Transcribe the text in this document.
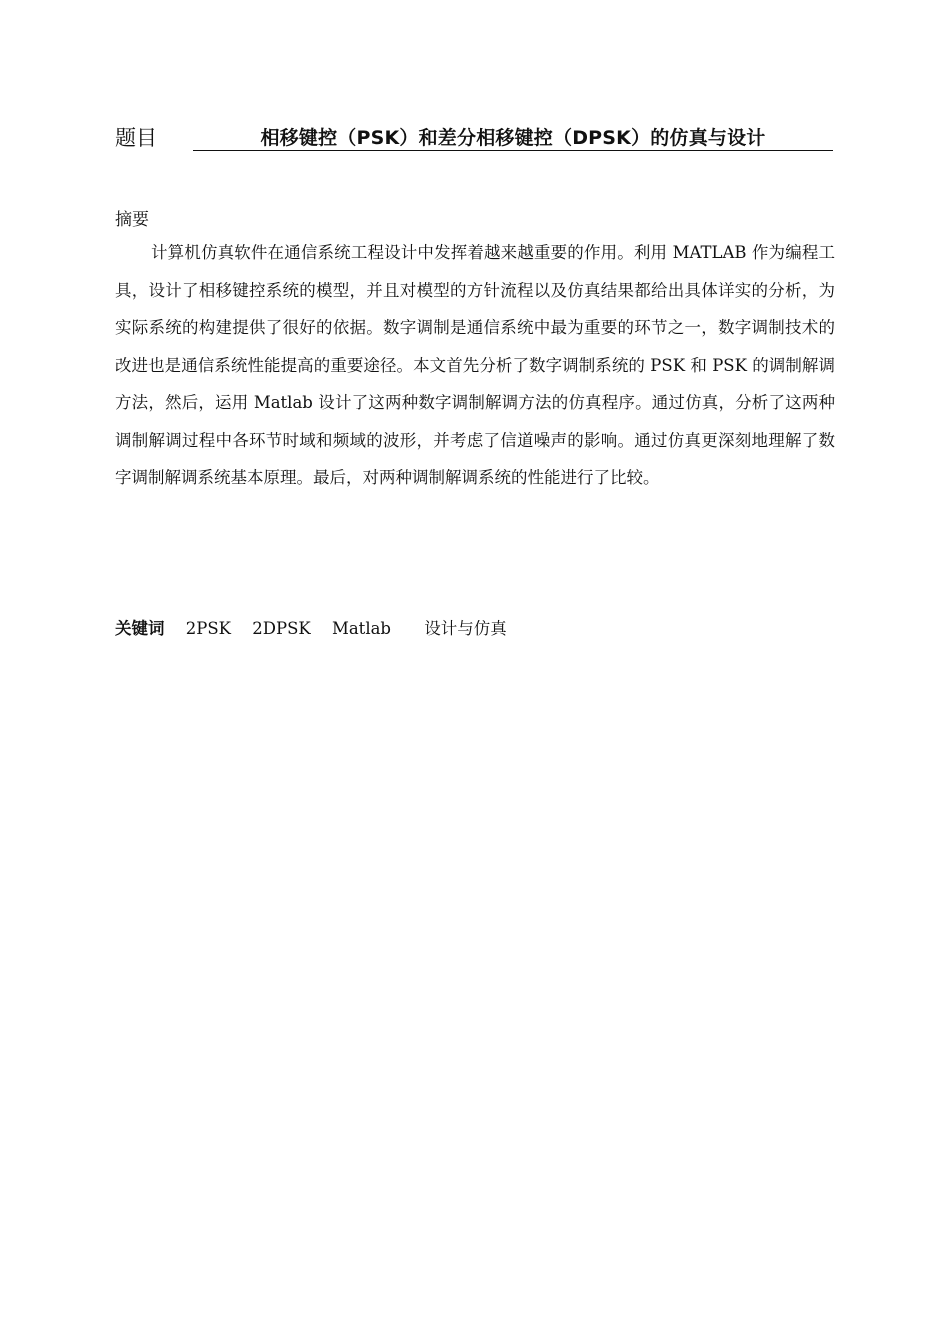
题目	相移键控（PSK）和差分相移键控（DPSK）的仿真与设计
摘要

计算机仿真软件在通信系统工程设计中发挥着越来越重要的作用。利用 MATLAB 作为编程工具，设计了相移键控系统的模型，并且对模型的方针流程以及仿真结果都给出具体详实的分析，为实际系统的构建提供了很好的依据。数字调制是通信系统中最为重要的环节之一，数字调制技术的改进也是通信系统性能提高的重要途径。本文首先分析了数字调制系统的 PSK 和 PSK 的调制解调方法，然后，运用 Matlab 设计了这两种数字调制解调方法的仿真程序。通过仿真，分析了这两种调制解调过程中各环节时域和频域的波形，并考虑了信道噪声的影响。通过仿真更深刻地理解了数字调制解调系统基本原理。最后，对两种调制解调系统的性能进行了比较。

关键词 2PSK 2DPSK Matlab 设计与仿真
